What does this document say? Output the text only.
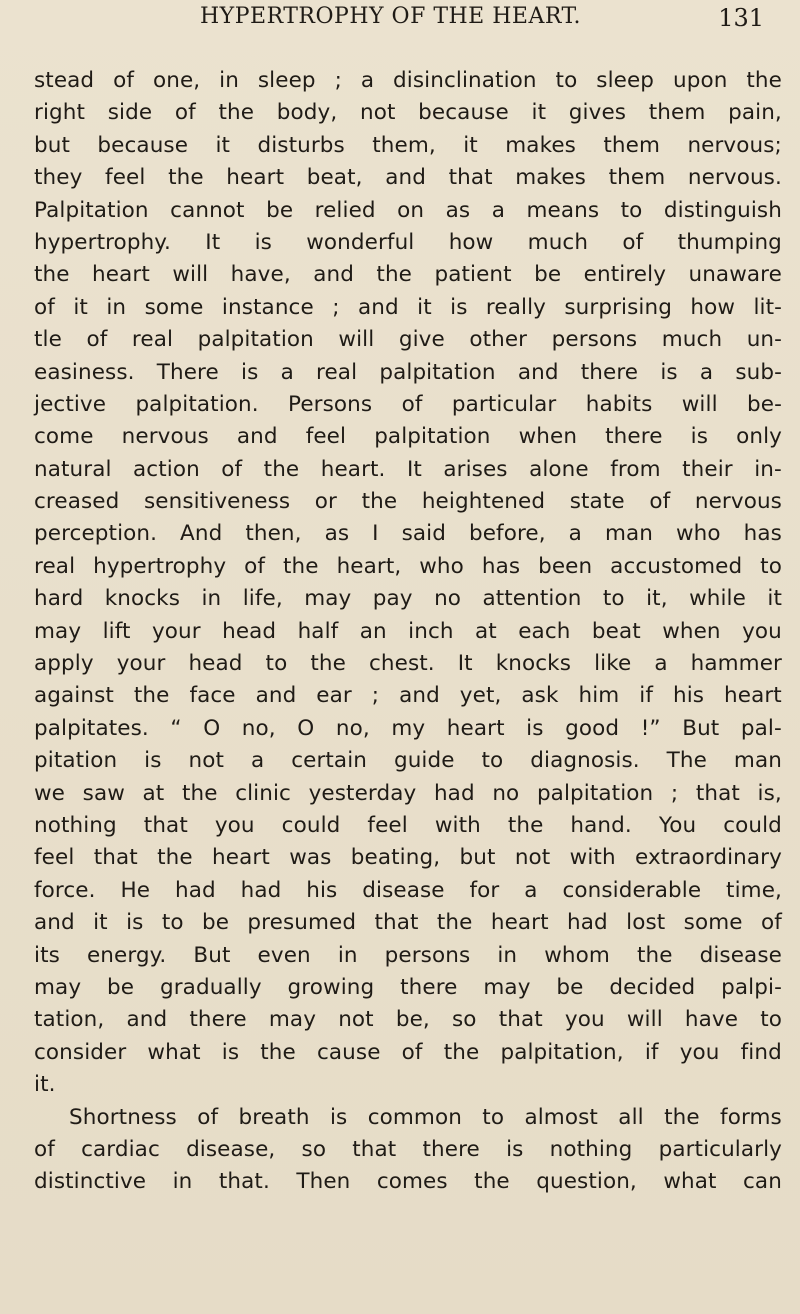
HYPERTROPHY OF THE HEART.	131
stead of one, in sleep ; a disinclination to sleep upon the
right side of the body, not because it gives them pain,
but because it disturbs them, it makes them nervous;
they feel the heart beat, and that makes them nervous.
Palpitation cannot be relied on as a means to distinguish
hypertrophy. It is wonderful how much of thumping
the heart will have, and the patient be entirely unaware
of it in some instance ; and it is really surprising how lit-
tle of real palpitation will give other persons much un-
easiness. There is a real palpitation and there is a sub-
jective palpitation. Persons of particular habits will be-
come nervous and feel palpitation when there is only
natural action of the heart. It arises alone from their in-
creased sensitiveness or the heightened state of nervous
perception. And then, as I said before, a man who has
real hypertrophy of the heart, who has been accustomed to
hard knocks in life, may pay no attention to it, while it
may lift your head half an inch at each beat when you
apply your head to the chest. It knocks like a hammer
against the face and ear ; and yet, ask him if his heart
palpitates. “ O no, O no, my heart is good !” But pal-
pitation is not a certain guide to diagnosis. The man
we saw at the clinic yesterday had no palpitation ; that is,
nothing that you could feel with the hand. You could
feel that the heart was beating, but not with extraordinary
force. He had had his disease for a considerable time,
and it is to be presumed that the heart had lost some of
its energy. But even in persons in whom the disease
may be gradually growing there may be decided palpi-
tation, and there may not be, so that you will have to
consider what is the cause of the palpitation, if you find
it.
Shortness of breath is common to almost all the forms
of cardiac disease, so that there is nothing particularly
distinctive in that. Then comes the question, what can
